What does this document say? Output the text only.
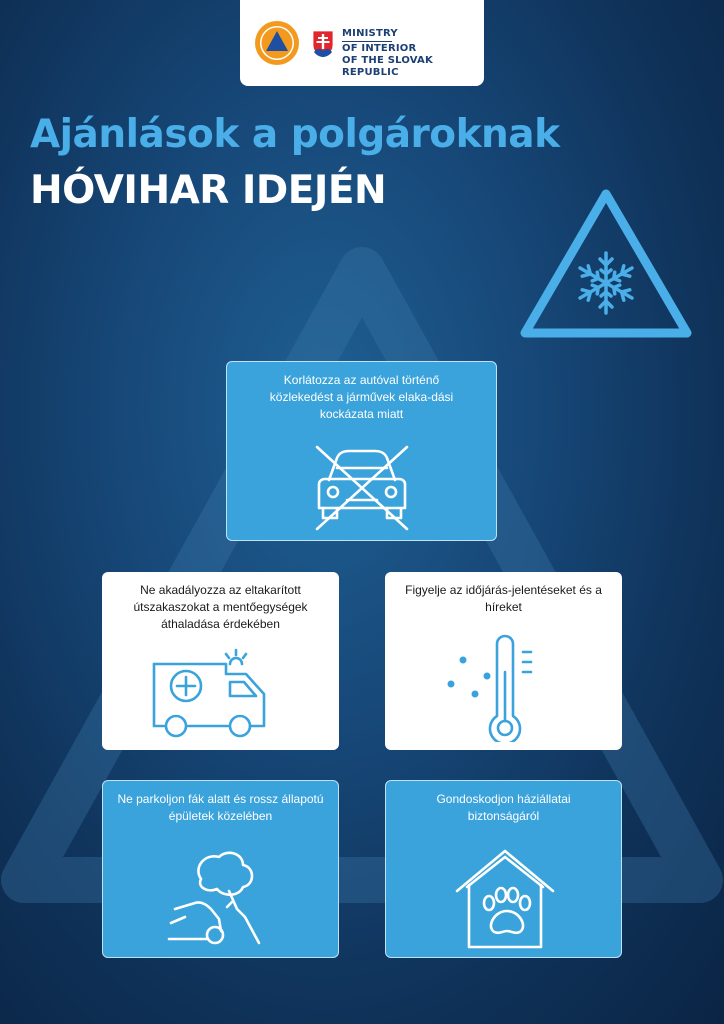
MINISTRY
OF INTERIOR
OF THE SLOVAK REPUBLIC
Ajánlások a polgároknak
HÓVIHAR IDEJÉN
Korlátozza az autóval történő közlekedést a járművek elaka-dási kockázata miatt
Ne akadályozza az eltakarított útszakaszokat a mentőegységek áthaladása érdekében
Figyelje az időjárás-jelentéseket és a híreket
Ne parkoljon fák alatt és rossz állapotú épületek közelében
Gondoskodjon háziállatai biztonságáról
